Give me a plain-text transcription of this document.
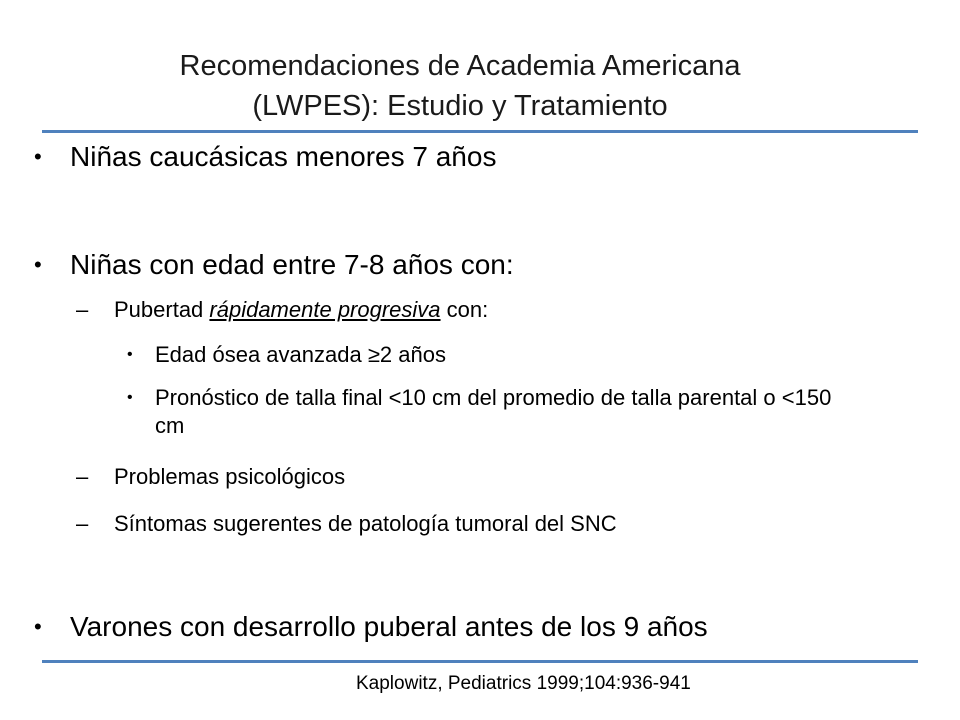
Recomendaciones de Academia Americana
(LWPES): Estudio y Tratamiento
• Niñas caucásicas menores 7 años
• Niñas con edad entre 7-8 años con:
– Pubertad rápidamente progresiva con:
• Edad ósea avanzada ≥2 años
• Pronóstico de talla final <10 cm del promedio de talla parental o <150 cm
– Problemas psicológicos
– Síntomas sugerentes de patología tumoral del SNC
• Varones con desarrollo puberal antes de los 9 años
Kaplowitz, Pediatrics 1999;104:936-941
